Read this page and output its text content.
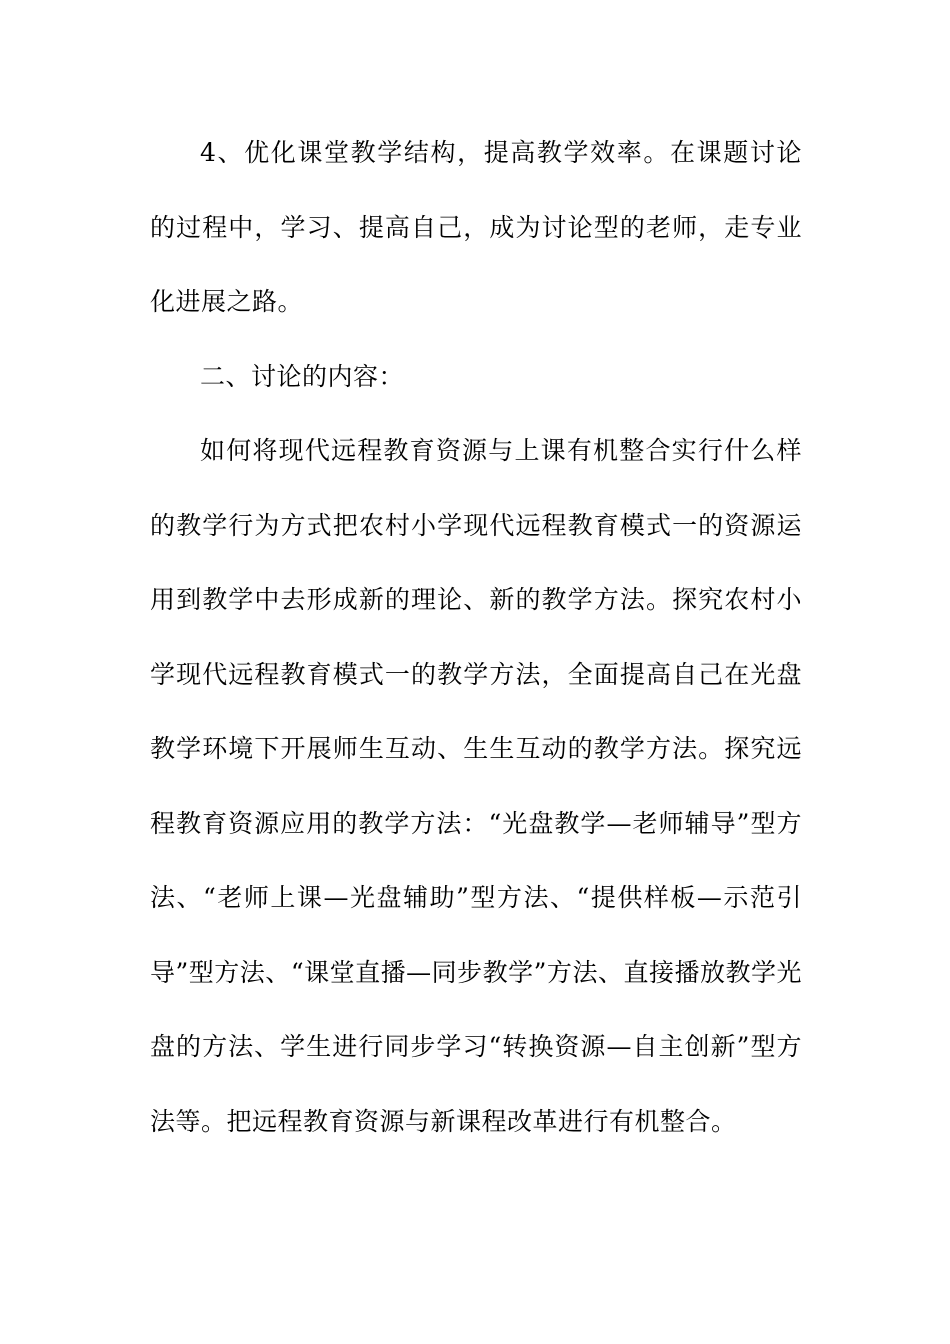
4、优化课堂教学结构，提高教学效率。在课题讨论的过程中，学习、提高自己，成为讨论型的老师，走专业化进展之路。

二、讨论的内容：

如何将现代远程教育资源与上课有机整合实行什么样的教学行为方式把农村小学现代远程教育模式一的资源运用到教学中去形成新的理论、新的教学方法。探究农村小学现代远程教育模式一的教学方法，全面提高自己在光盘教学环境下开展师生互动、生生互动的教学方法。探究远程教育资源应用的教学方法：“光盘教学—老师辅导”型方法、“老师上课—光盘辅助”型方法、“提供样板—示范引导”型方法、“课堂直播—同步教学”方法、直接播放教学光盘的方法、学生进行同步学习“转换资源—自主创新”型方法等。把远程教育资源与新课程改革进行有机整合。
